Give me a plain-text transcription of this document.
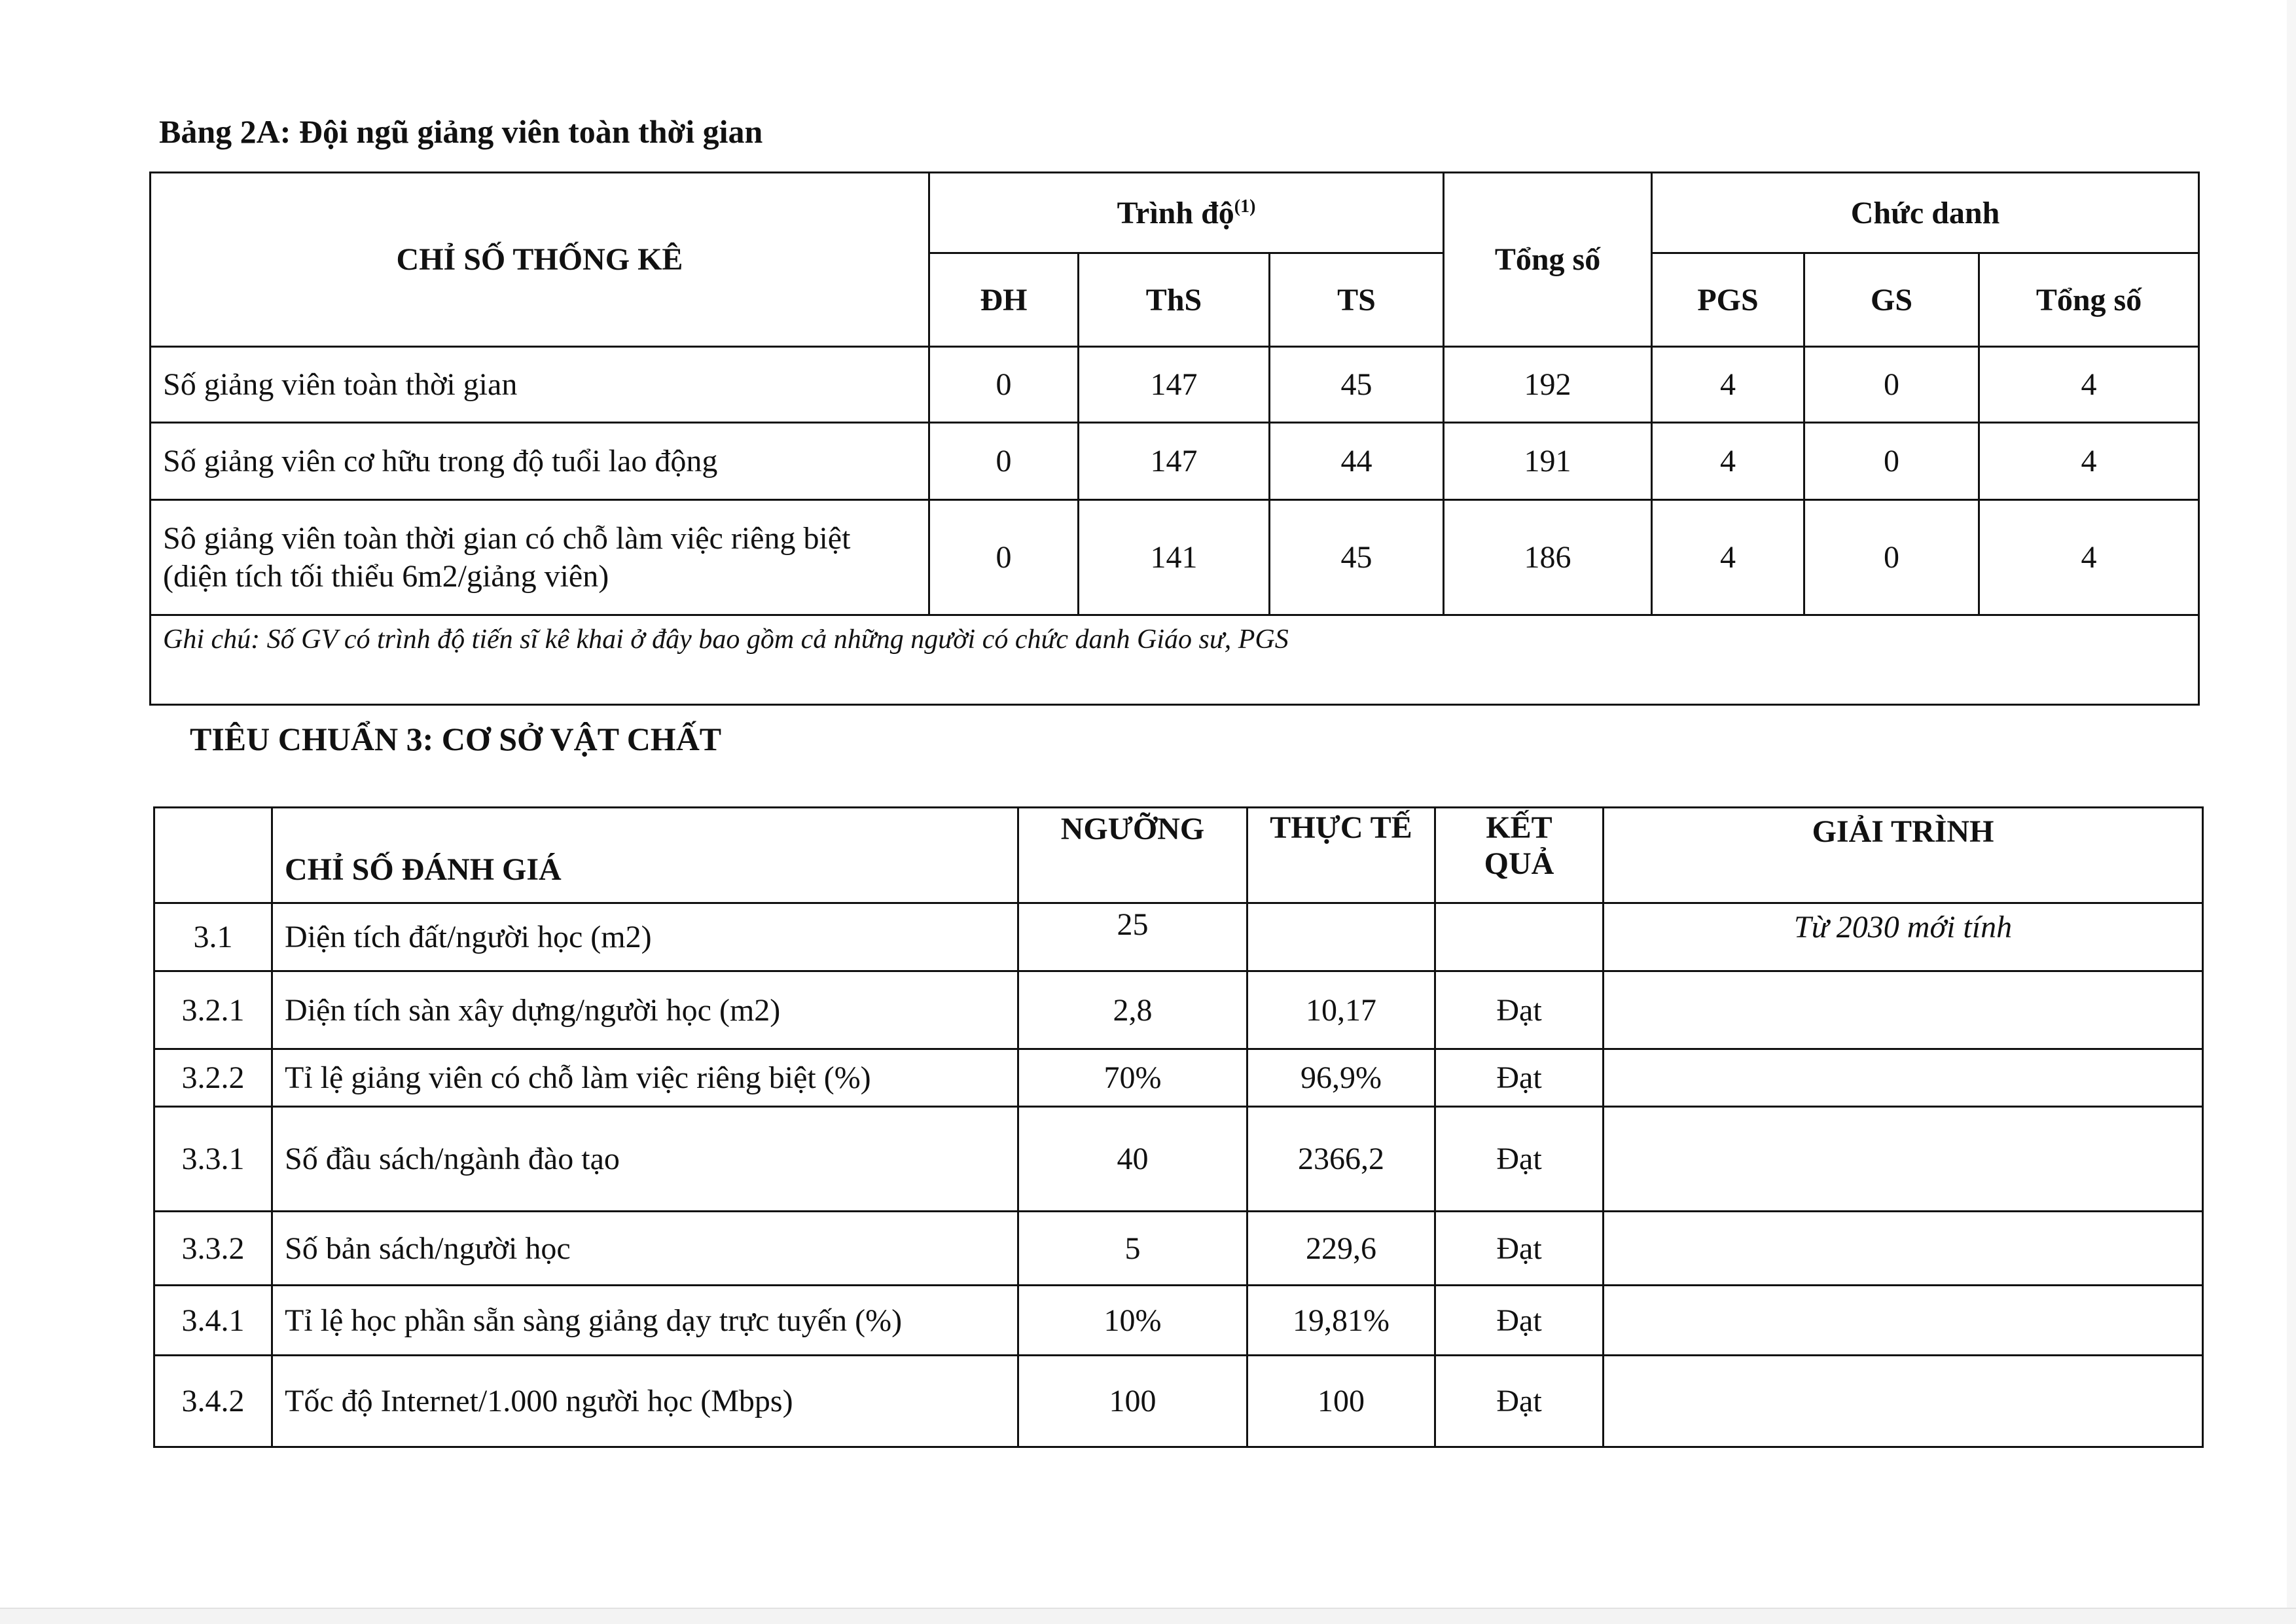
Bảng 2A: Đội ngũ giảng viên toàn thời gian
CHỈ SỐ THỐNG KÊ	Trình độ$^{(1)}$			Tổng số	Chức danh		
	ĐH	ThS	TS		PGS	GS	Tổng số
Số giảng viên toàn thời gian	0	147	45	192	4	0	4
Số giảng viên cơ hữu trong độ tuổi lao động	0	147	44	191	4	0	4
Sô giảng viên toàn thời gian có chỗ làm việc riêng biệt (diện tích tối thiểu 6m2/giảng viên)	0	141	45	186	4	0	4
Ghi chú: Số GV có trình độ tiến sĩ kê khai ở đây bao gồm cả những người có chức danh Giáo sư, PGS							
TIÊU CHUẨN 3: CƠ SỞ VẬT CHẤT
	CHỈ SỐ ĐÁNH GIÁ	NGƯỠNG	THỰC TẾ	KẾT QUẢ	GIẢI TRÌNH
3.1	Diện tích đất/người học (m2)	25			Từ 2030 mới tính
3.2.1	Diện tích sàn xây dựng/người học (m2)	2,8	10,17	Đạt	
3.2.2	Tỉ lệ giảng viên có chỗ làm việc riêng biệt (%)	70%	96,9%	Đạt	
3.3.1	Số đầu sách/ngành đào tạo	40	2366,2	Đạt	
3.3.2	Số bản sách/người học	5	229,6	Đạt	
3.4.1	Tỉ lệ học phần sẵn sàng giảng dạy trực tuyến (%)	10%	19,81%	Đạt	
3.4.2	Tốc độ Internet/1.000 người học (Mbps)	100	100	Đạt	
